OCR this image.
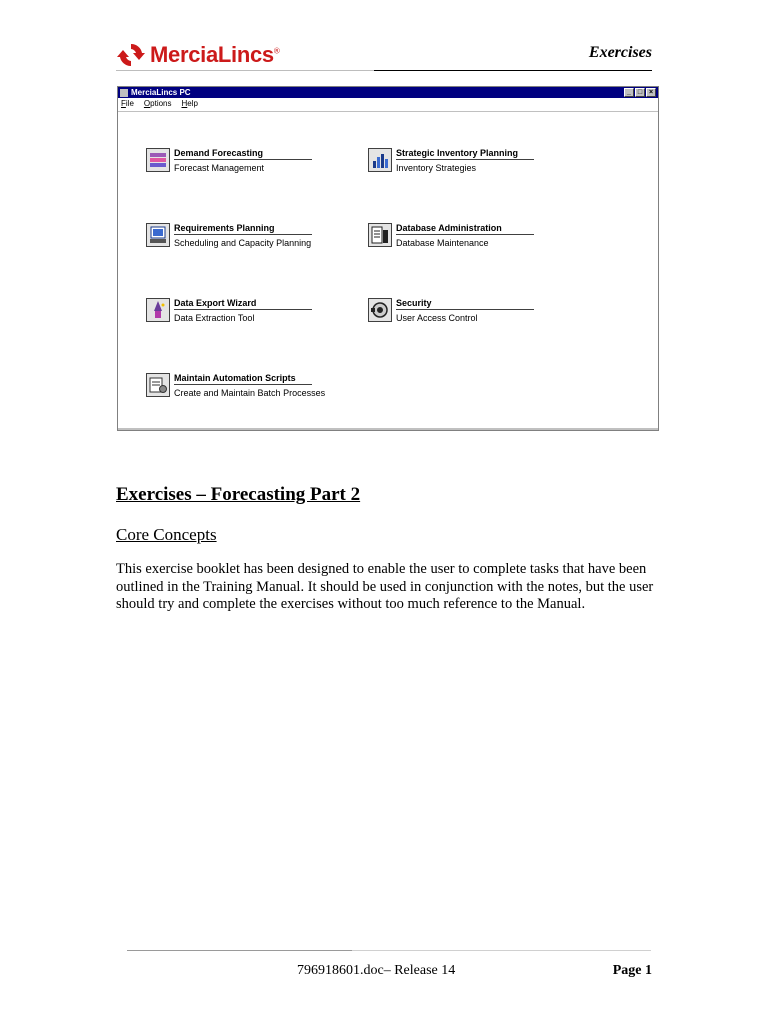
MerciaLincs®	Exercises
MerciaLincs PC	_ □ ×
File Options Help
Demand Forecasting
Forecast Management
Requirements Planning
Scheduling and Capacity Planning
Data Export Wizard
Data Extraction Tool
Maintain Automation Scripts
Create and Maintain Batch Processes
Strategic Inventory Planning
Inventory Strategies
Database Administration
Database Maintenance
Security
User Access Control
Exercises – Forecasting Part 2
Core Concepts
This exercise booklet has been designed to enable the user to complete tasks that have been outlined in the Training Manual. It should be used in conjunction with the notes, but the user should try and complete the exercises without too much reference to the Manual.
796918601.doc– Release 14	Page 1
